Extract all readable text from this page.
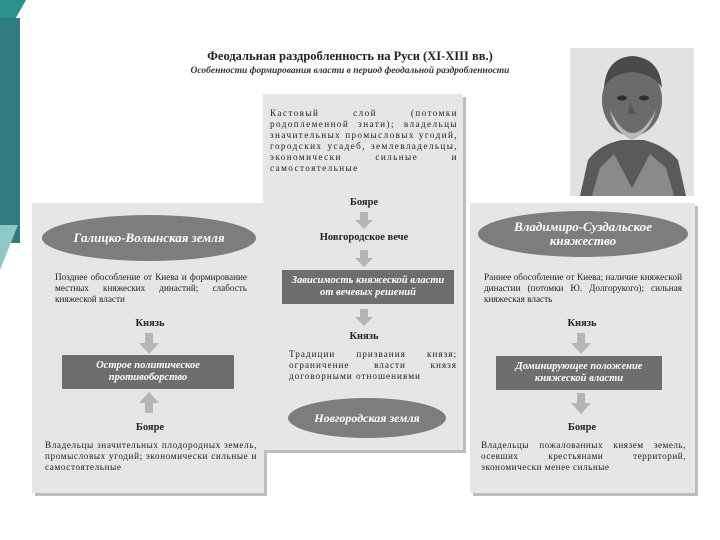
Феодальная раздробленность на Руси (XI-XIII вв.)
Особенности формирования власти в период феодальной раздробленности
Галицко-Волынская земля
Позднее обособление от Киева и формирование местных княжеских династий; слабость княжеской власти
Князь
Острое политическое противоборство
Бояре
Владельцы значительных плодородных земель, промысловых угодий; экономически сильные и самостоятельные
Кастовый слой (потомки родоплеменной знати); владельцы значительных промысловых угодий, городских усадеб, землевладельцы, экономически сильные и самостоятельные
Бояре
Новгородское вече
Зависимость княжеской власти от вечевых решений
Князь
Традиции призвания князя; ограничение власти князя договорными отношениями
Новгородская земля
Владимиро-Суздальское княжество
Раннее обособление от Киева; наличие княжеской династии (потомки Ю. Долгорукого); сильная княжеская власть
Князь
Доминирующее положение княжеской власти
Бояре
Владельцы пожалованных князем земель, осевших крестьянами территорий, экономически менее сильные
